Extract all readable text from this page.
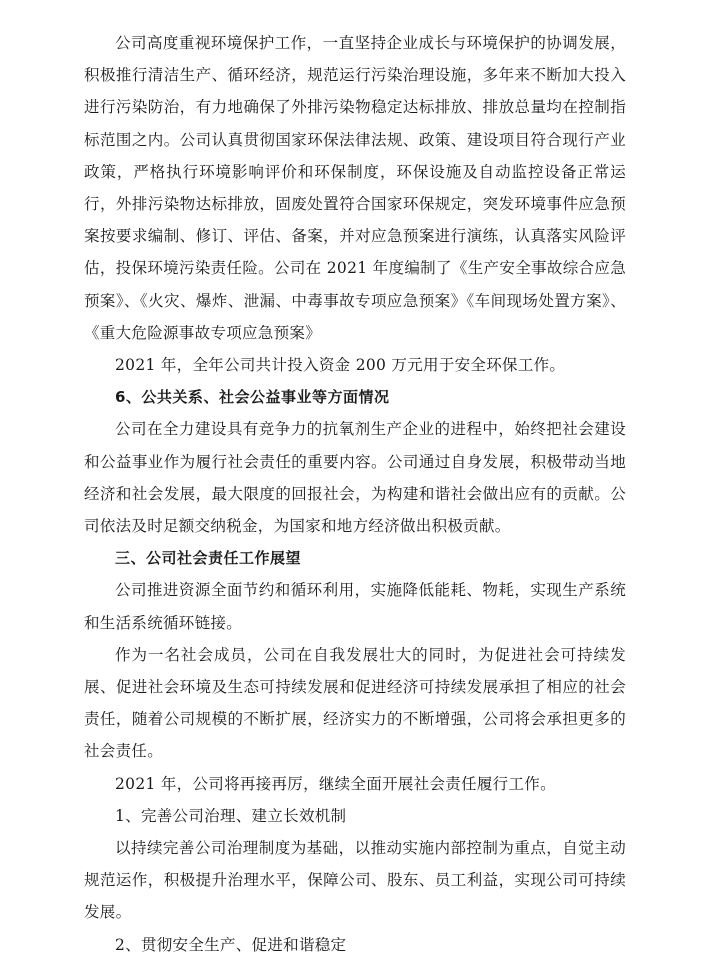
公司高度重视环境保护工作，一直坚持企业成长与环境保护的协调发展，积极推行清洁生产、循环经济，规范运行污染治理设施，多年来不断加大投入进行污染防治，有力地确保了外排污染物稳定达标排放、排放总量均在控制指标范围之内。公司认真贯彻国家环保法律法规、政策、建设项目符合现行产业政策，严格执行环境影响评价和环保制度，环保设施及自动监控设备正常运行，外排污染物达标排放，固废处置符合国家环保规定，突发环境事件应急预案按要求编制、修订、评估、备案，并对应急预案进行演练，认真落实风险评估，投保环境污染责任险。公司在 2021 年度编制了《生产安全事故综合应急预案》、《火灾、爆炸、泄漏、中毒事故专项应急预案》《车间现场处置方案》、《重大危险源事故专项应急预案》

2021 年，全年公司共计投入资金 200 万元用于安全环保工作。

6、公共关系、社会公益事业等方面情况

公司在全力建设具有竞争力的抗氧剂生产企业的进程中，始终把社会建设和公益事业作为履行社会责任的重要内容。公司通过自身发展，积极带动当地经济和社会发展，最大限度的回报社会，为构建和谐社会做出应有的贡献。公司依法及时足额交纳税金，为国家和地方经济做出积极贡献。

三、公司社会责任工作展望

公司推进资源全面节约和循环利用，实施降低能耗、物耗，实现生产系统和生活系统循环链接。

作为一名社会成员，公司在自我发展壮大的同时，为促进社会可持续发展、促进社会环境及生态可持续发展和促进经济可持续发展承担了相应的社会责任，随着公司规模的不断扩展，经济实力的不断增强，公司将会承担更多的社会责任。

2021 年，公司将再接再厉，继续全面开展社会责任履行工作。

1、完善公司治理、建立长效机制

以持续完善公司治理制度为基础，以推动实施内部控制为重点，自觉主动规范运作，积极提升治理水平，保障公司、股东、员工利益，实现公司可持续发展。

2、贯彻安全生产、促进和谐稳定
